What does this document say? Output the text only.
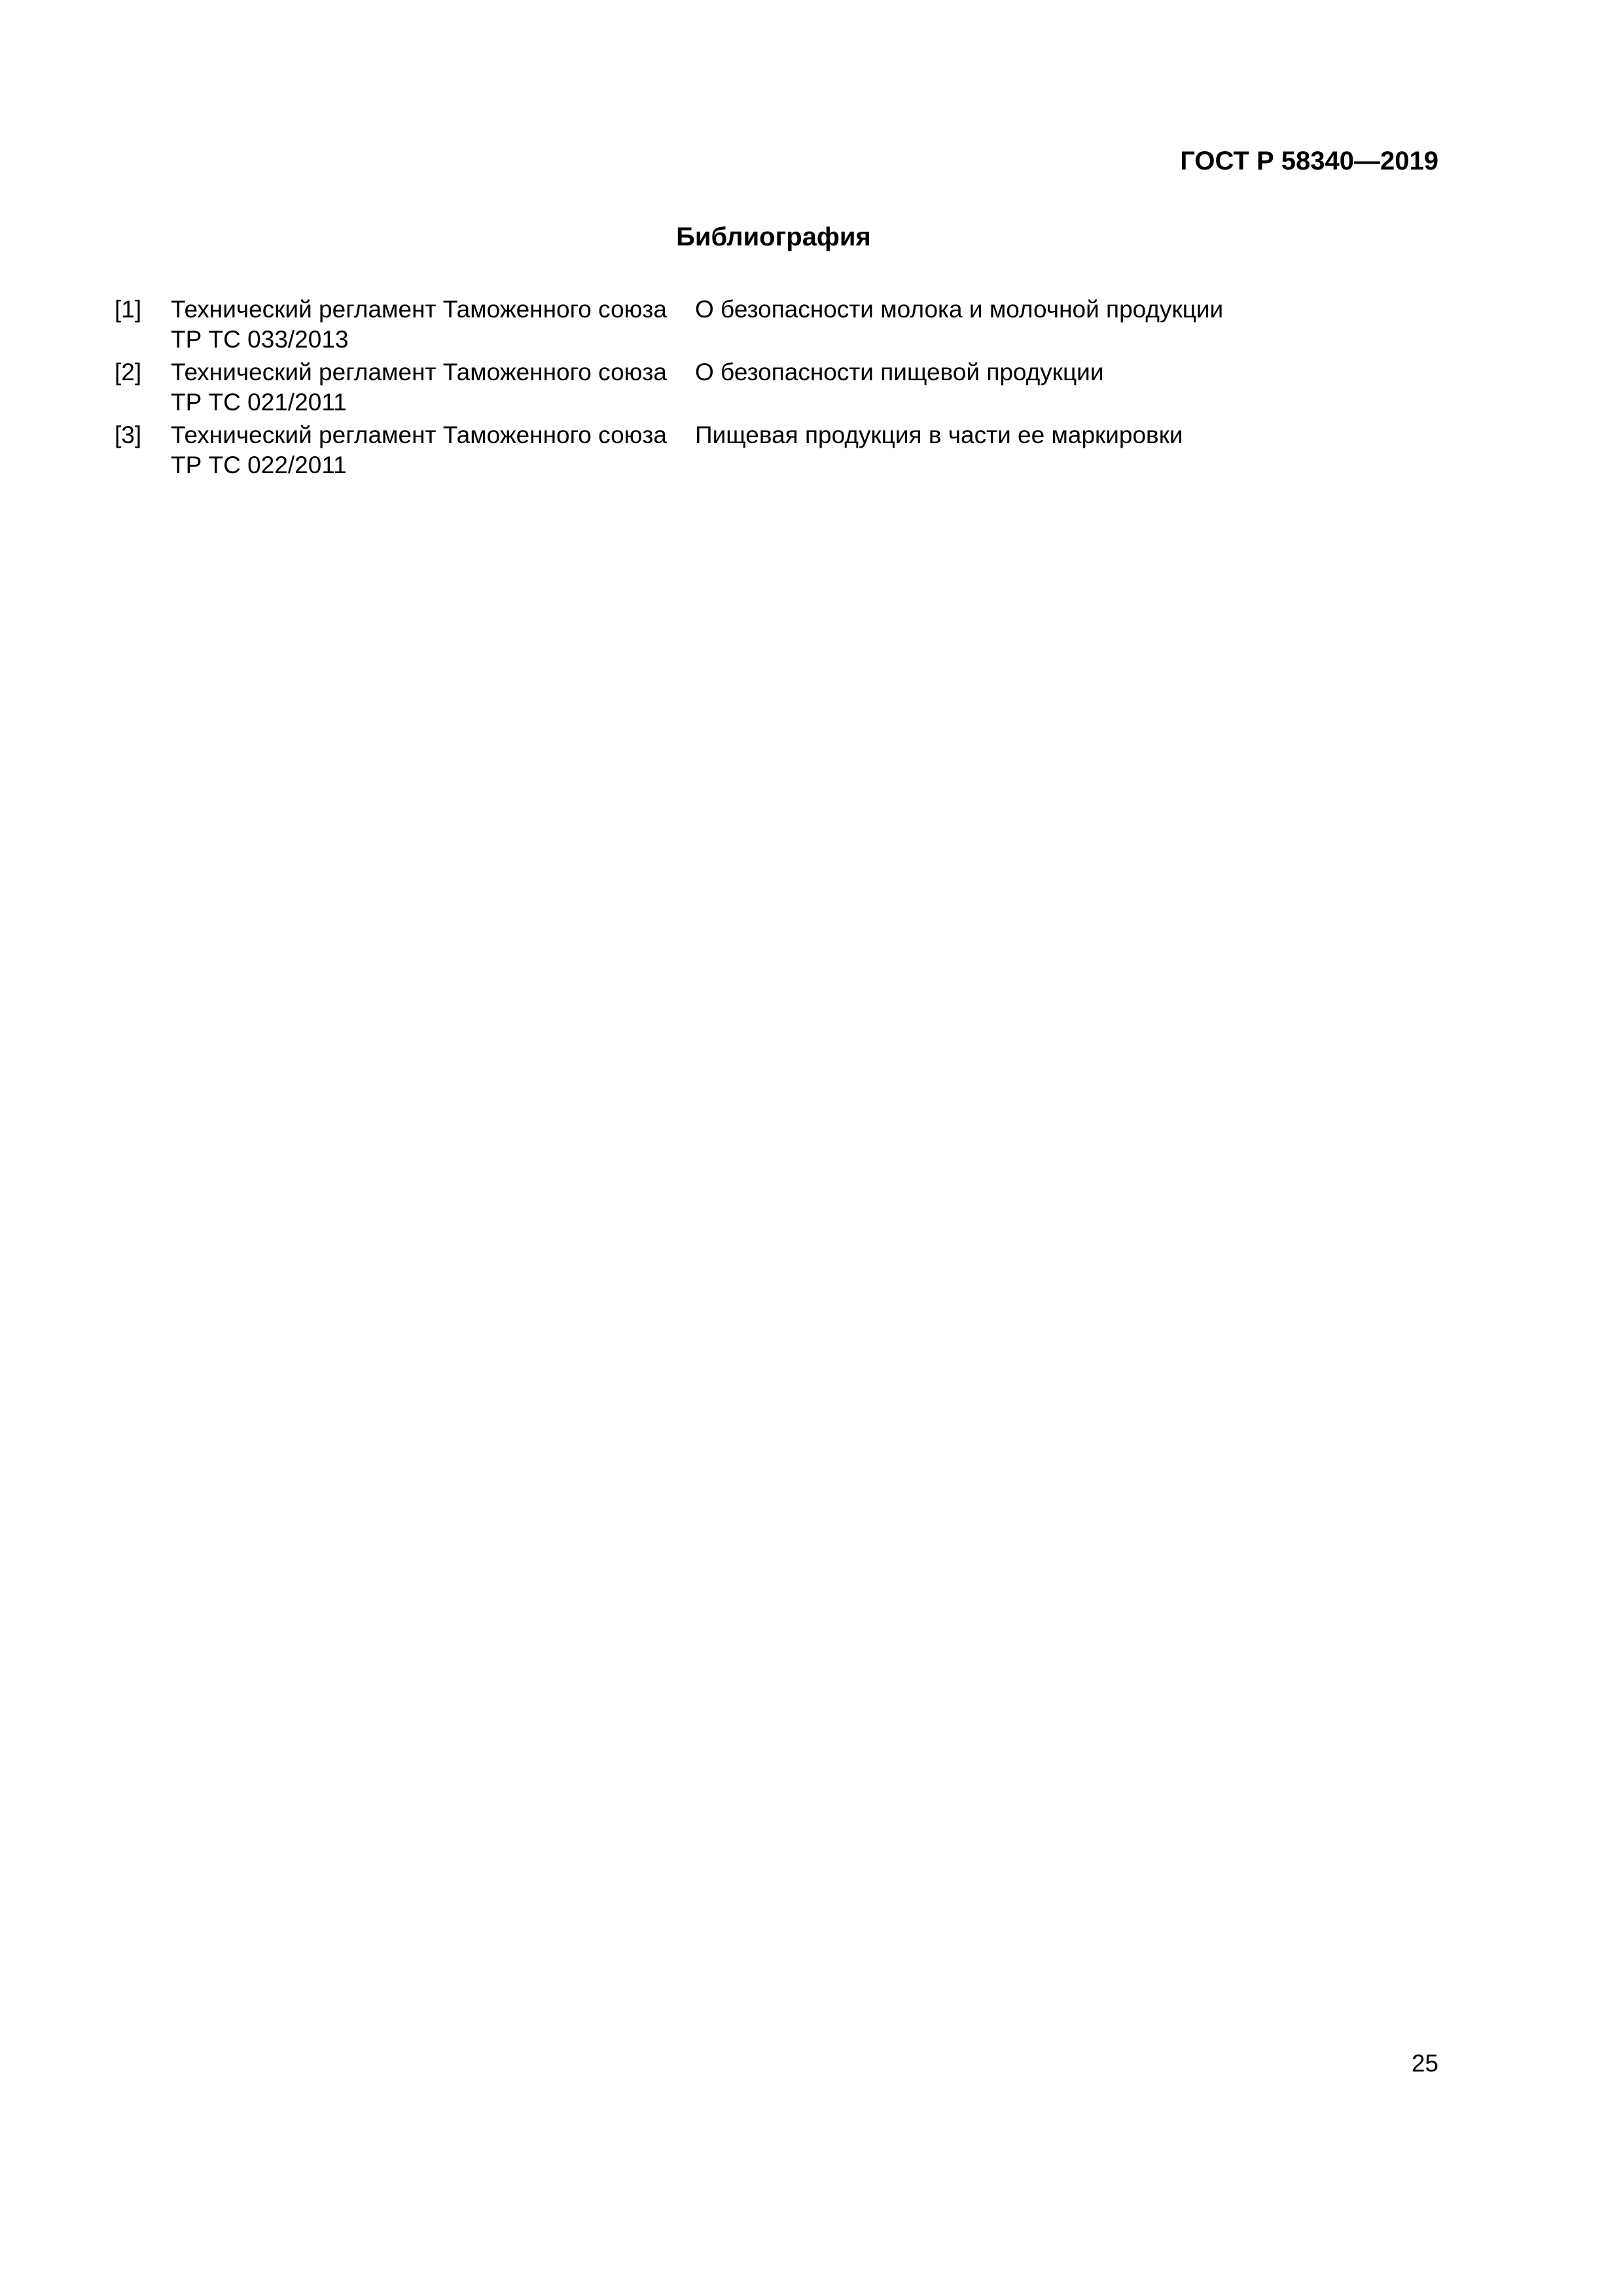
ГОСТ Р 58340—2019
Библиография
[1] Технический регламент Таможенного союза
ТР ТС 033/2013
О безопасности молока и молочной продукции
[2] Технический регламент Таможенного союза
ТР ТС 021/2011
О безопасности пищевой продукции
[3] Технический регламент Таможенного союза
ТР ТС 022/2011
Пищевая продукция в части ее маркировки
25
